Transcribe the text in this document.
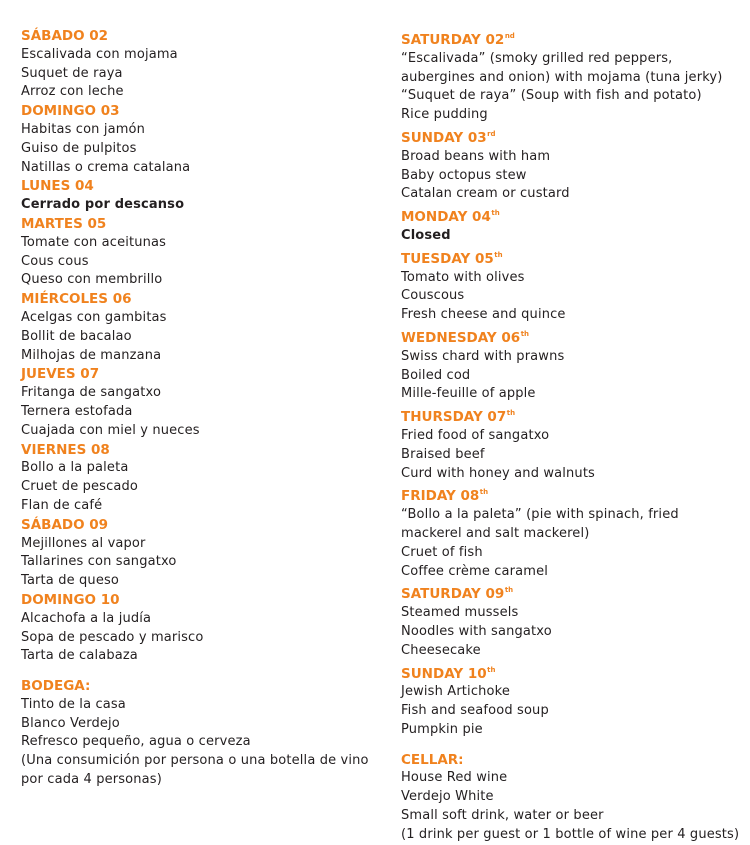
SÁBADO 02
Escalivada con mojama
Suquet de raya
Arroz con leche
DOMINGO 03
Habitas con jamón
Guiso de pulpitos
Natillas o crema catalana
LUNES 04
Cerrado por descanso
MARTES 05
Tomate con aceitunas
Cous cous
Queso con membrillo
MIÉRCOLES 06
Acelgas con gambitas
Bollit de bacalao
Milhojas de manzana
JUEVES 07
Fritanga de sangatxo
Ternera estofada
Cuajada con miel y nueces
VIERNES 08
Bollo a la paleta
Cruet de pescado
Flan de café
SÁBADO 09
Mejillones al vapor
Tallarines con sangatxo
Tarta de queso
DOMINGO 10
Alcachofa a la judía
Sopa de pescado y marisco
Tarta de calabaza
BODEGA:
Tinto de la casa
Blanco Verdejo
Refresco pequeño, agua o cerveza
(Una consumición por persona o una botella de vino por cada 4 personas)
SATURDAY 02nd
“Escalivada” (smoky grilled red peppers, aubergines and onion) with mojama (tuna jerky)
“Suquet de raya” (Soup with fish and potato)
Rice pudding
SUNDAY 03rd
Broad beans with ham
Baby octopus stew
Catalan cream or custard
MONDAY 04th
Closed
TUESDAY 05th
Tomato with olives
Couscous
Fresh cheese and quince
WEDNESDAY 06th
Swiss chard with prawns
Boiled cod
Mille-feuille of apple
THURSDAY 07th
Fried food of sangatxo
Braised beef
Curd with honey and walnuts
FRIDAY 08th
“Bollo a la paleta” (pie with spinach, fried mackerel and salt mackerel)
Cruet of fish
Coffee crème caramel
SATURDAY 09th
Steamed mussels
Noodles with sangatxo
Cheesecake
SUNDAY 10th
Jewish Artichoke
Fish and seafood soup
Pumpkin pie
CELLAR:
House Red wine
Verdejo White
Small soft drink, water or beer
(1 drink per guest or 1 bottle of wine per 4 guests)
